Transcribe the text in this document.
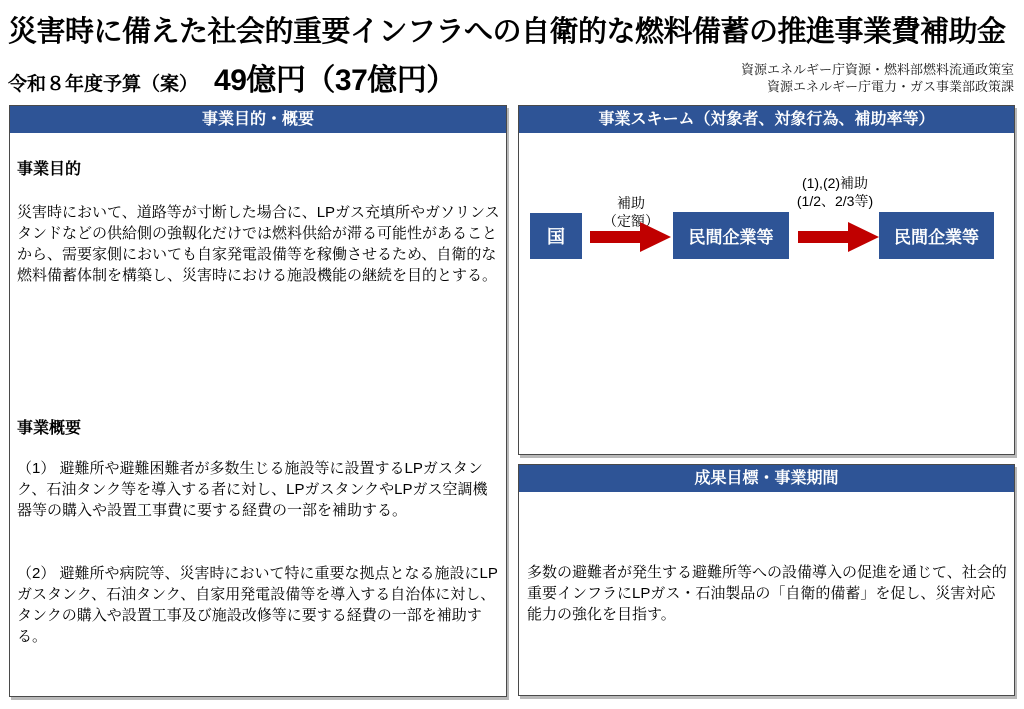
災害時に備えた社会的重要インフラへの自衛的な燃料備蓄の推進事業費補助金
令和８年度予算（案） 49億円（37億円）	資源エネルギー庁資源・燃料部燃料流通政策室
資源エネルギー庁電力・ガス事業部政策課
事業目的・概要
事業目的
災害時において、道路等が寸断した場合に、LPガス充填所やガソリンスタンドなどの供給側の強靱化だけでは燃料供給が滞る可能性があることから、需要家側においても自家発電設備等を稼働させるため、自衛的な燃料備蓄体制を構築し、災害時における施設機能の継続を目的とする。
事業概要
（1） 避難所や避難困難者が多数生じる施設等に設置するLPガスタンク、石油タンク等を導入する者に対し、LPガスタンクやLPガス空調機器等の購入や設置工事費に要する経費の一部を補助する。
（2） 避難所や病院等、災害時において特に重要な拠点となる施設にLPガスタンク、石油タンク、自家用発電設備等を導入する自治体に対し、タンクの購入や設置工事及び施設改修等に要する経費の一部を補助する。
事業スキーム（対象者、対象行為、補助率等）
国
補助
（定額）
民間企業等
(1),(2)補助
(1/2、2/3等)
民間企業等
成果目標・事業期間
多数の避難者が発生する避難所等への設備導入の促進を通じて、社会的重要インフラにLPガス・石油製品の「自衛的備蓄」を促し、災害対応能力の強化を目指す。
